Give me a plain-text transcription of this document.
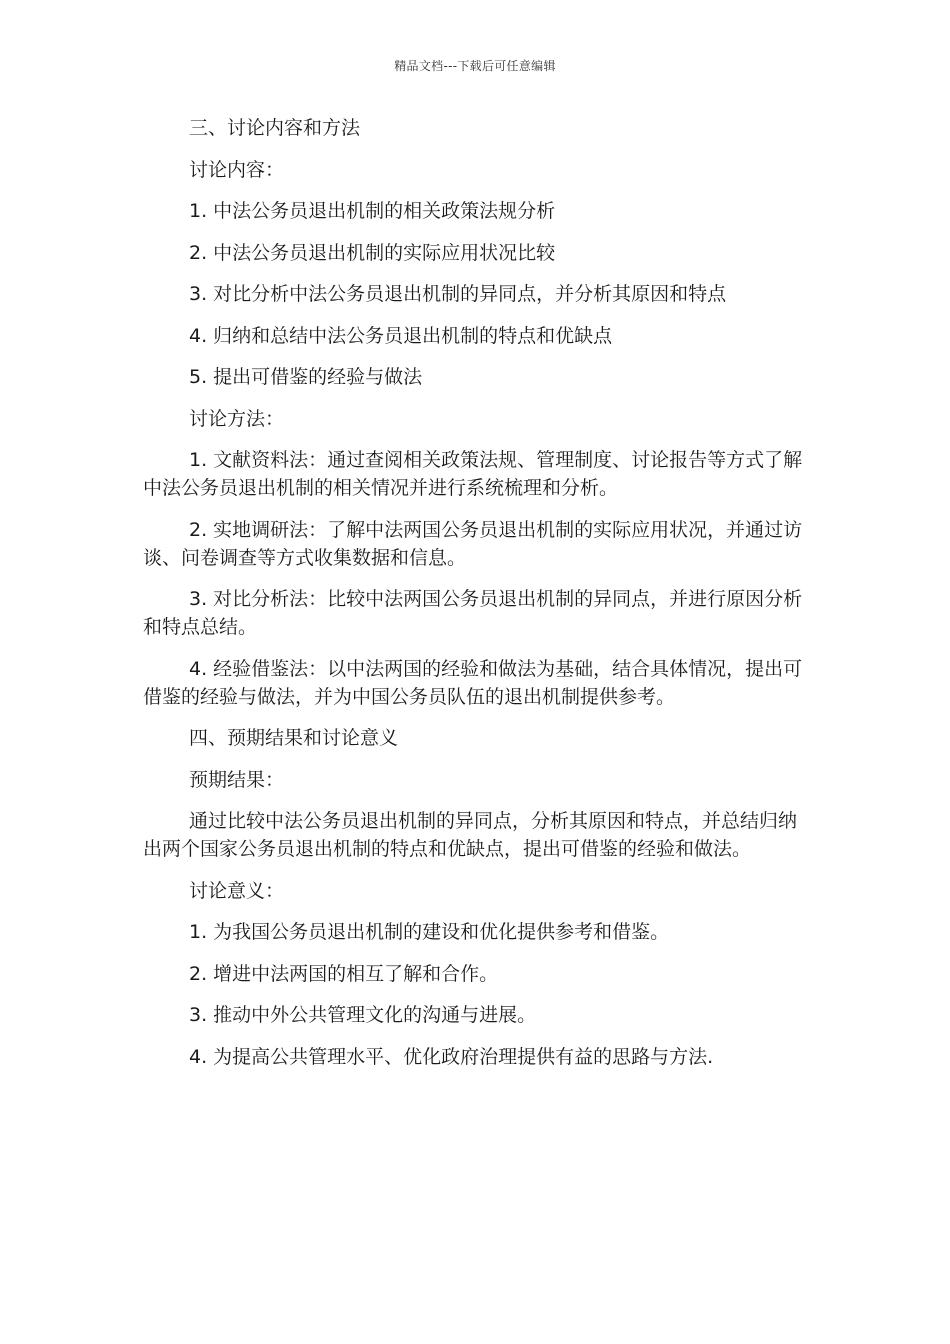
精品文档---下载后可任意编辑

三、讨论内容和方法

讨论内容：

1. 中法公务员退出机制的相关政策法规分析

2. 中法公务员退出机制的实际应用状况比较

3. 对比分析中法公务员退出机制的异同点，并分析其原因和特点

4. 归纳和总结中法公务员退出机制的特点和优缺点

5. 提出可借鉴的经验与做法

讨论方法：

1. 文献资料法：通过查阅相关政策法规、管理制度、讨论报告等方式了解中法公务员退出机制的相关情况并进行系统梳理和分析。

2. 实地调研法：了解中法两国公务员退出机制的实际应用状况，并通过访谈、问卷调查等方式收集数据和信息。

3. 对比分析法：比较中法两国公务员退出机制的异同点，并进行原因分析和特点总结。

4. 经验借鉴法：以中法两国的经验和做法为基础，结合具体情况，提出可借鉴的经验与做法，并为中国公务员队伍的退出机制提供参考。

四、预期结果和讨论意义

预期结果：

通过比较中法公务员退出机制的异同点，分析其原因和特点，并总结归纳出两个国家公务员退出机制的特点和优缺点，提出可借鉴的经验和做法。

讨论意义：

1. 为我国公务员退出机制的建设和优化提供参考和借鉴。

2. 增进中法两国的相互了解和合作。

3. 推动中外公共管理文化的沟通与进展。

4. 为提高公共管理水平、优化政府治理提供有益的思路与方法.
